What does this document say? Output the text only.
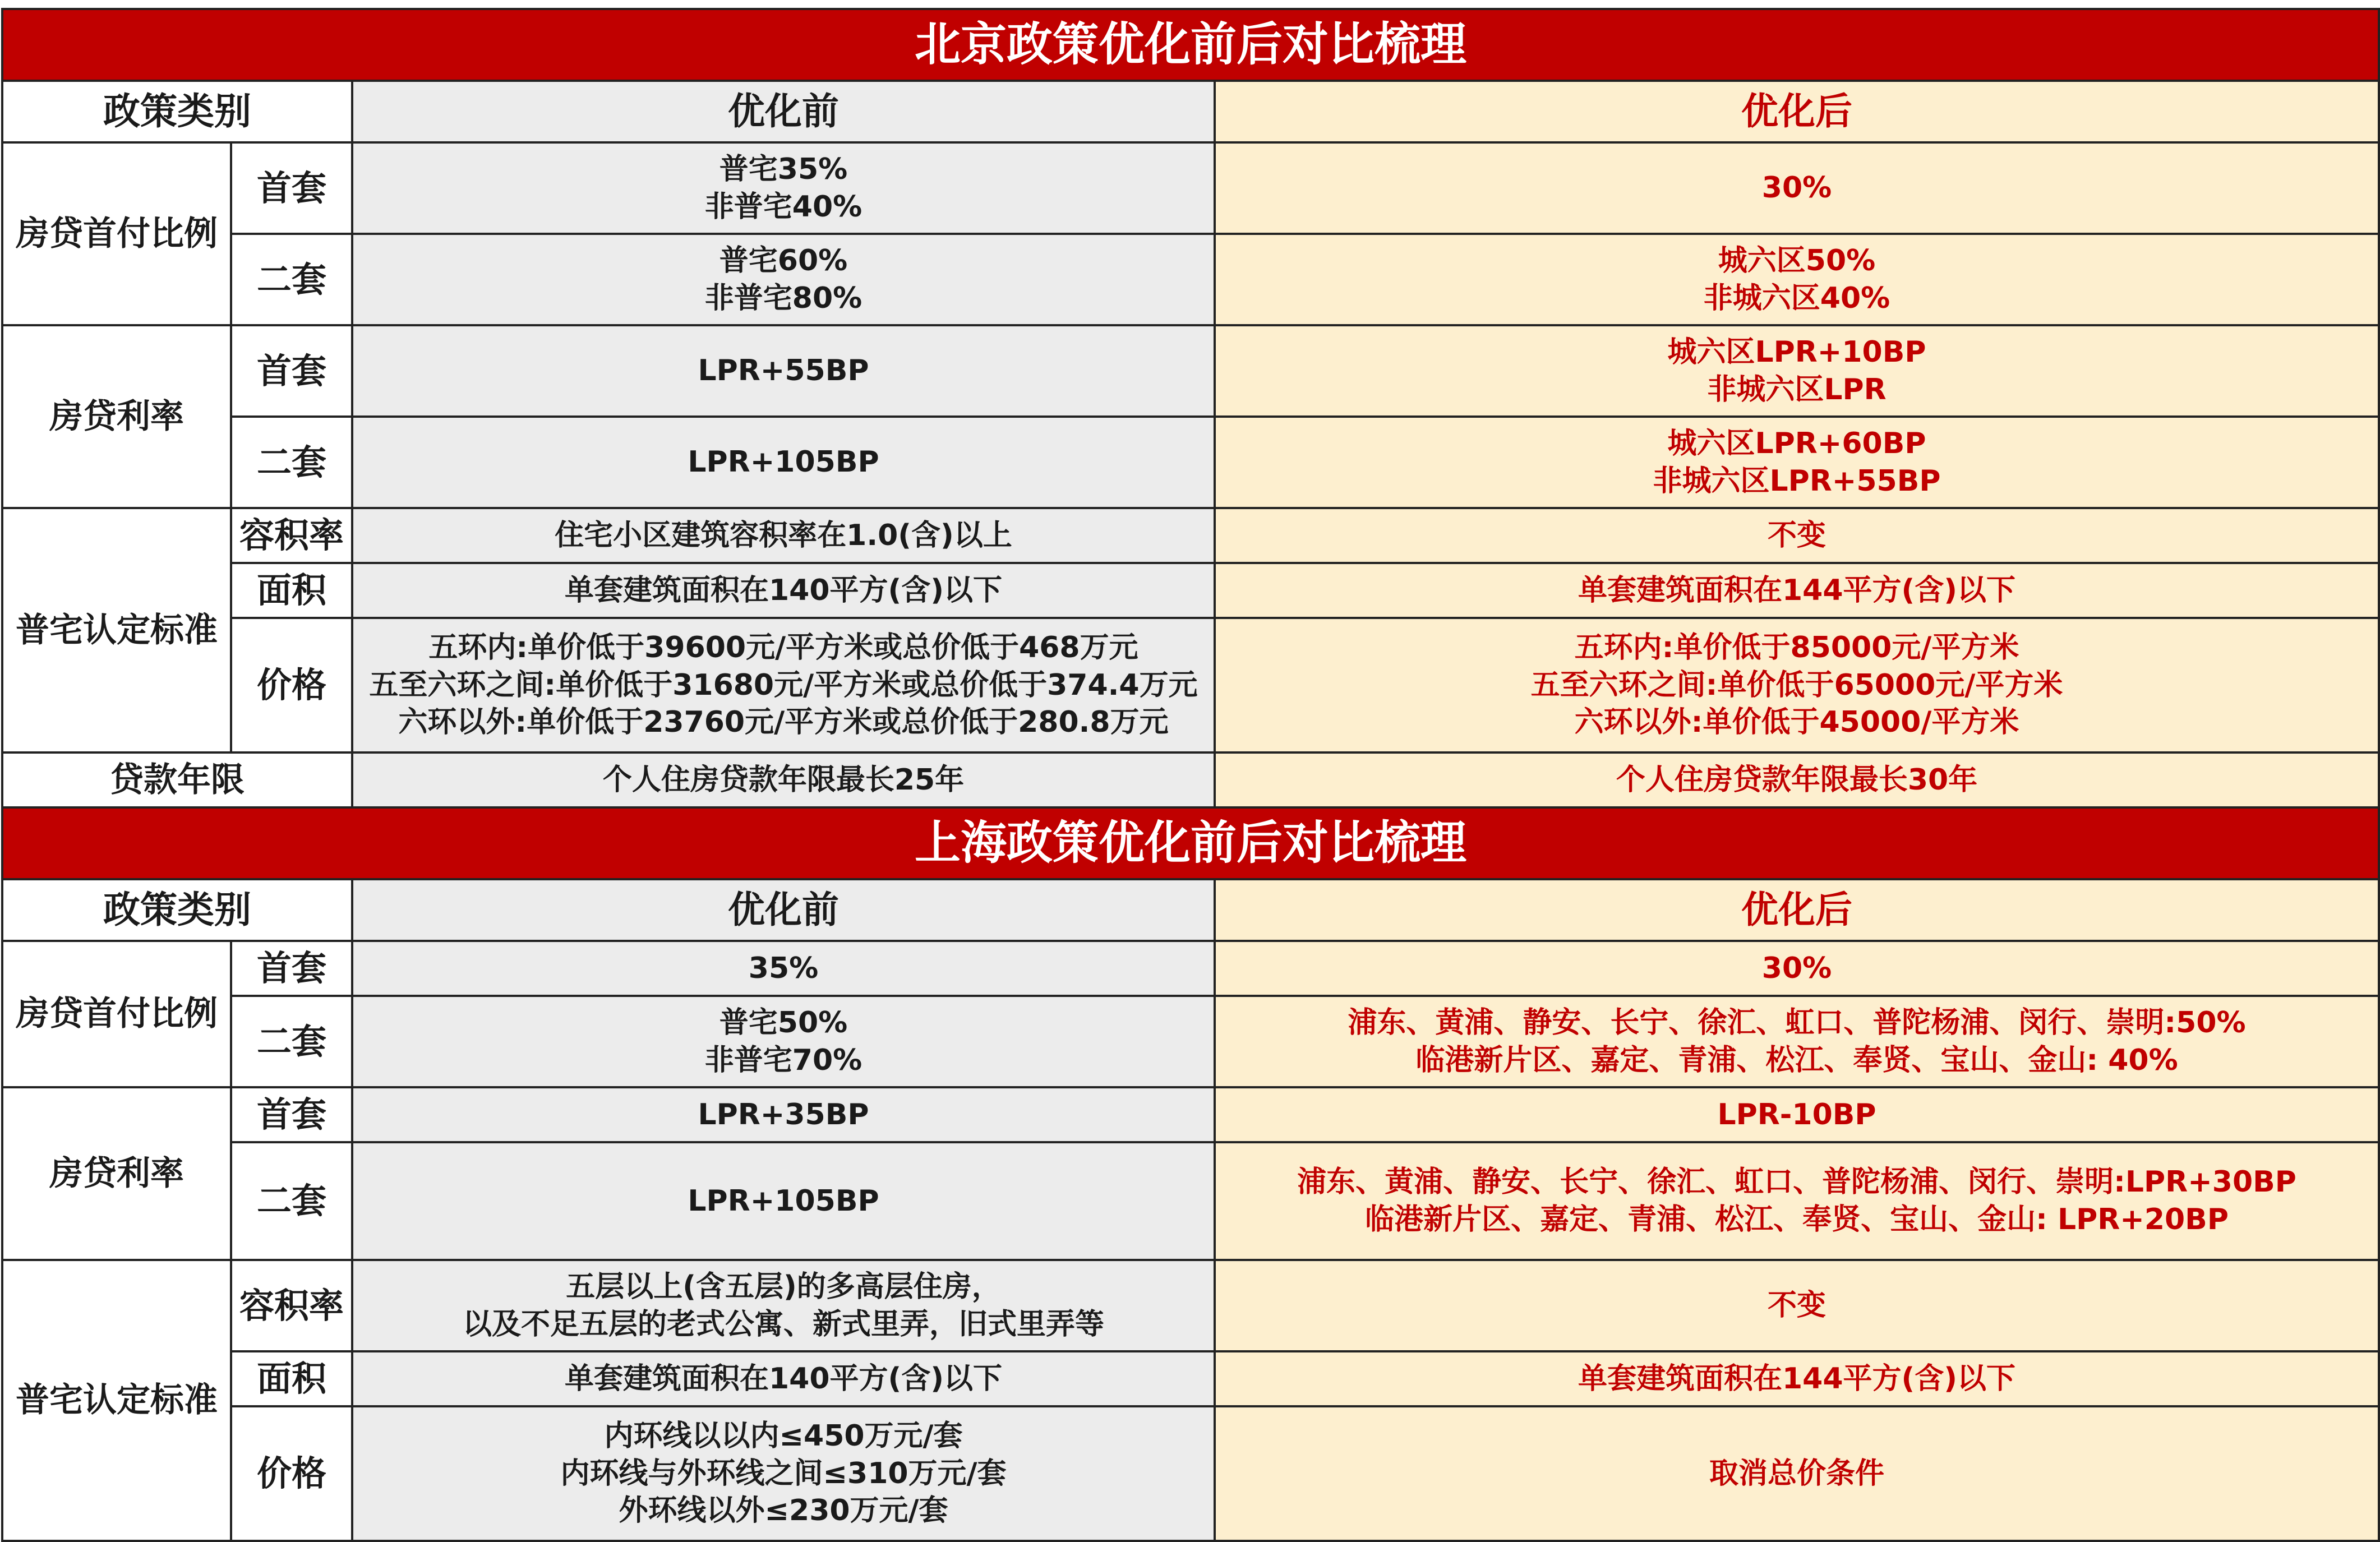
北京政策优化前后对比梳理			
政策类别		优化前	优化后
房贷首付比例	首套	普宅35%
非普宅40%	30%

	二套	普宅60%
非普宅80%	城六区50%
非城六区40%

房贷利率	首套	LPR+55BP	城六区LPR+10BP
非城六区LPR

	二套	LPR+105BP	城六区LPR+60BP
非城六区LPR+55BP

普宅认定标准	容积率	住宅小区建筑容积率在1.0(含)以上	不变

	面积	单套建筑面积在140平方(含)以下	单套建筑面积在144平方(含)以下

	价格	五环内:单价低于39600元/平方米或总价低于468万元
五至六环之间:单价低于31680元/平方米或总价低于374.4万元
六环以外:单价低于23760元/平方米或总价低于280.8万元	五环内:单价低于85000元/平方米
五至六环之间:单价低于65000元/平方米
六环以外:单价低于45000/平方米

贷款年限		个人住房贷款年限最长25年	个人住房贷款年限最长30年

上海政策优化前后对比梳理			
政策类别		优化前	优化后
房贷首付比例	首套	35%	30%

	二套	普宅50%
非普宅70%	浦东、黄浦、静安、长宁、徐汇、虹口、普陀杨浦、闵行、崇明:50%
临港新片区、嘉定、青浦、松江、奉贤、宝山、金山: 40%

房贷利率	首套	LPR+35BP	LPR-10BP

	二套	LPR+105BP	浦东、黄浦、静安、长宁、徐汇、虹口、普陀杨浦、闵行、崇明:LPR+30BP
临港新片区、嘉定、青浦、松江、奉贤、宝山、金山: LPR+20BP

普宅认定标准	容积率	五层以上(含五层)的多高层住房，
以及不足五层的老式公寓、新式里弄，旧式里弄等	不变

	面积	单套建筑面积在140平方(含)以下	单套建筑面积在144平方(含)以下

	价格	内环线以以内≤450万元/套
内环线与外环线之间≤310万元/套
外环线以外≤230万元/套	取消总价条件
